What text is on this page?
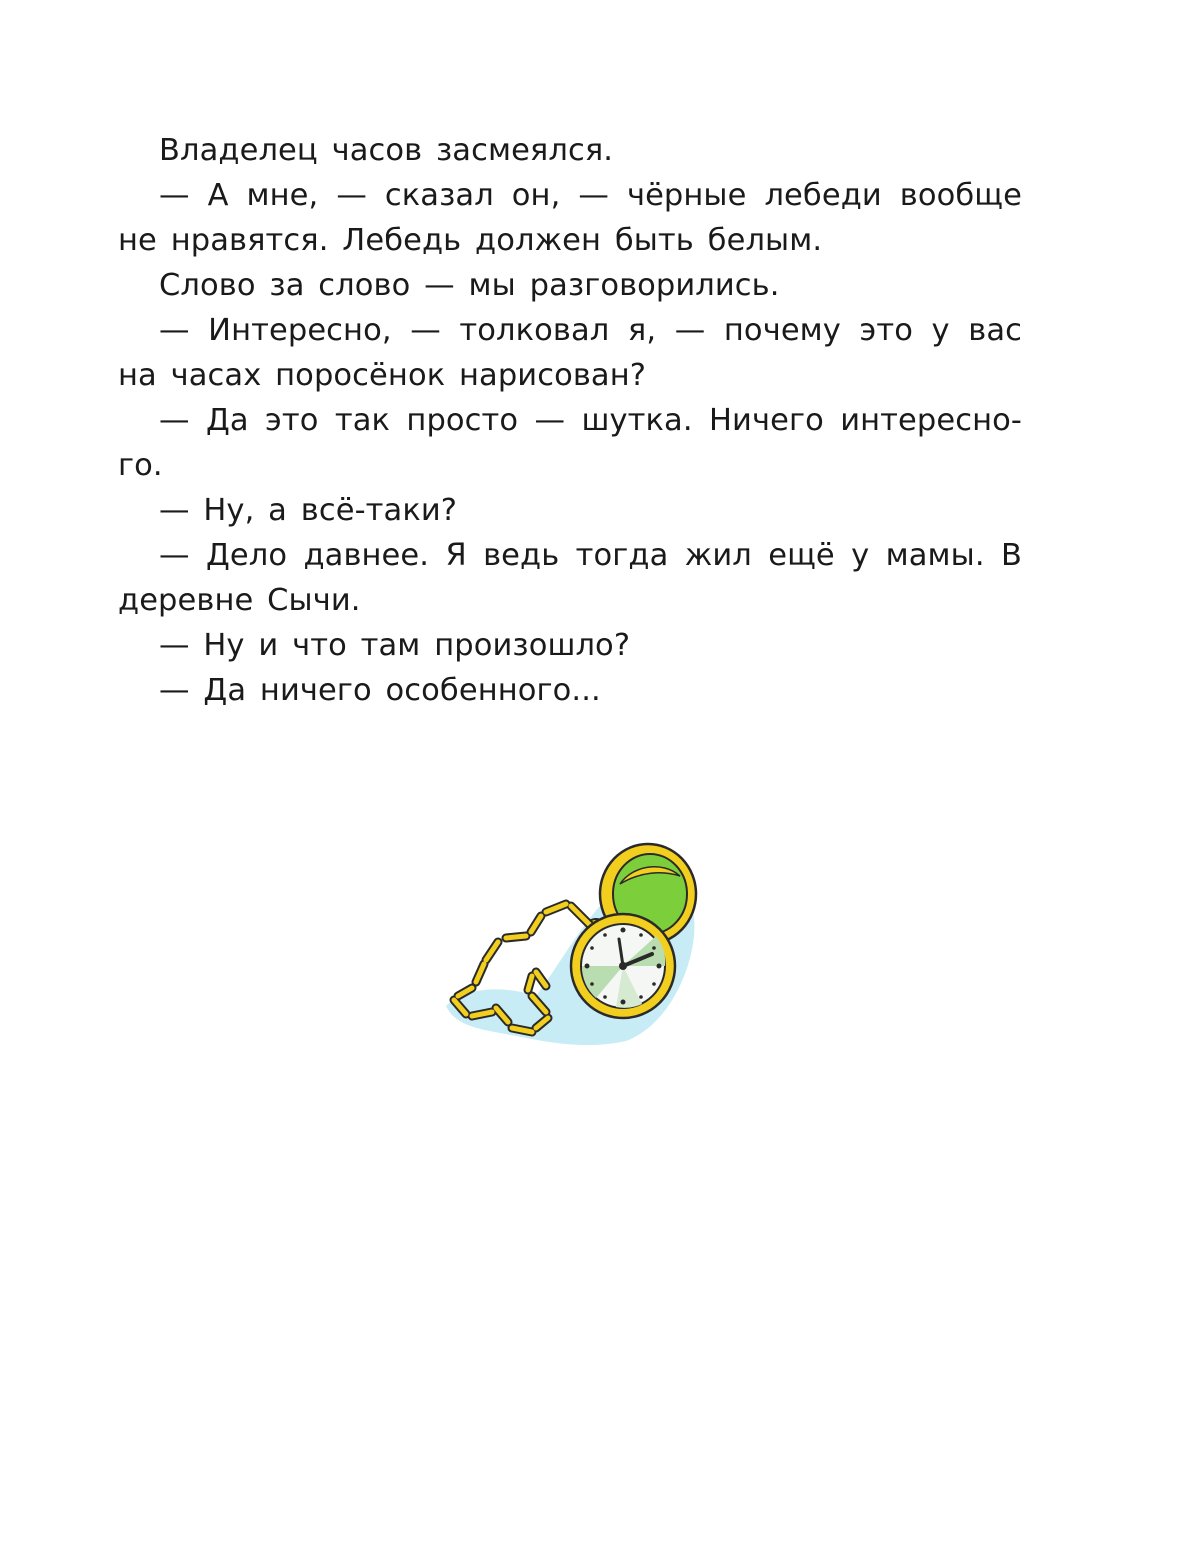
Владелец часов засмеялся.
— А мне, — сказал он, — чёрные лебеди вообще
не нравятся. Лебедь должен быть белым.
Слово за слово — мы разговорились.
— Интересно, — толковал я, — почему это у вас
на часах поросёнок нарисован?
— Да это так просто — шутка. Ничего интересно-
го.
— Ну, а всё-таки?
— Дело давнее. Я ведь тогда жил ещё у мамы. В
деревне Сычи.
— Ну и что там произошло?
— Да ничего особенного...
